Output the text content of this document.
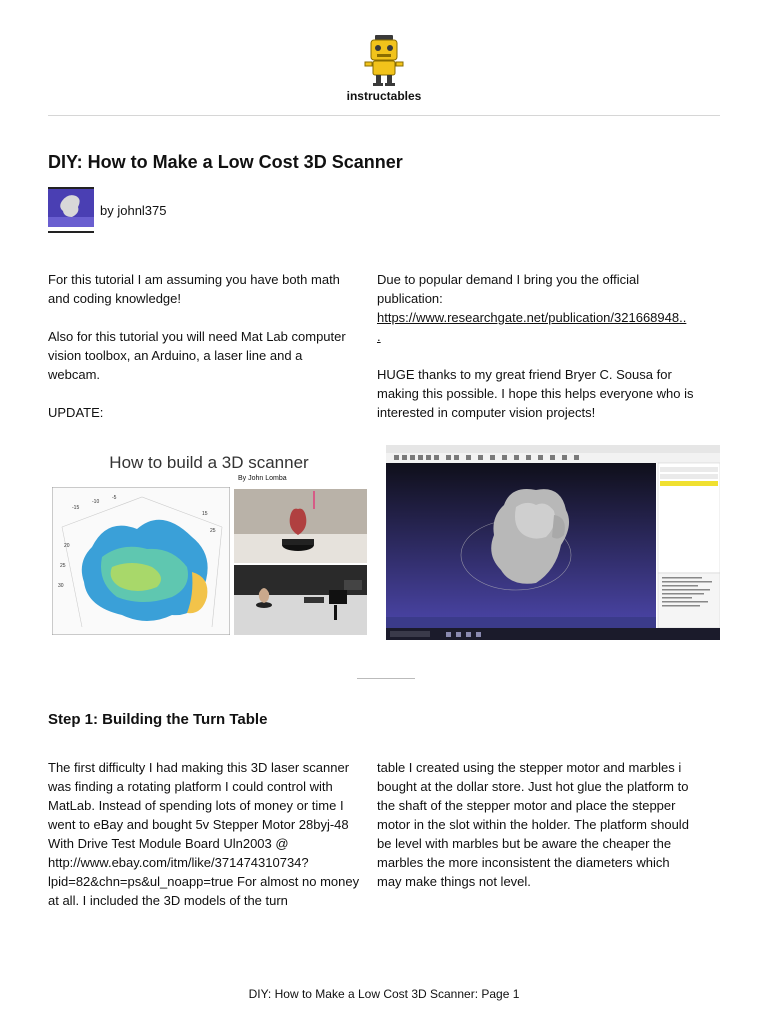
instructables
DIY: How to Make a Low Cost 3D Scanner
by johnl375

For this tutorial I am assuming you have both math and coding knowledge!

Also for this tutorial you will need Mat Lab computer vision toolbox, an Arduino, a laser line and a webcam.

UPDATE:

Due to popular demand I bring you the official publication:

https://www.researchgate.net/publication/321668948..

.

HUGE thanks to my great friend Bryer C. Sousa for making this possible. I hope this helps everyone who is interested in computer vision projects!

How to build a 3D scanner
By John Lomba
-15
-10
-5
20
25
30
15
25
Step 1: Building the Turn Table

The first difficulty I had making this 3D laser scanner was finding a rotating platform I could control with MatLab. Instead of spending lots of money or time I went to eBay and bought 5v Stepper Motor 28byj-48 With Drive Test Module Board Uln2003 @ http://www.ebay.com/itm/like/371474310734?lpid=82&chn=ps&ul_noapp=true For almost no money at all. I included the 3D models of the turn

table I created using the stepper motor and marbles i bought at the dollar store. Just hot glue the platform to the shaft of the stepper motor and place the stepper motor in the slot within the holder. The platform should be level with marbles but be aware the cheaper the marbles the more inconsistent the diameters which may make things not level.

DIY: How to Make a Low Cost 3D Scanner: Page 1
